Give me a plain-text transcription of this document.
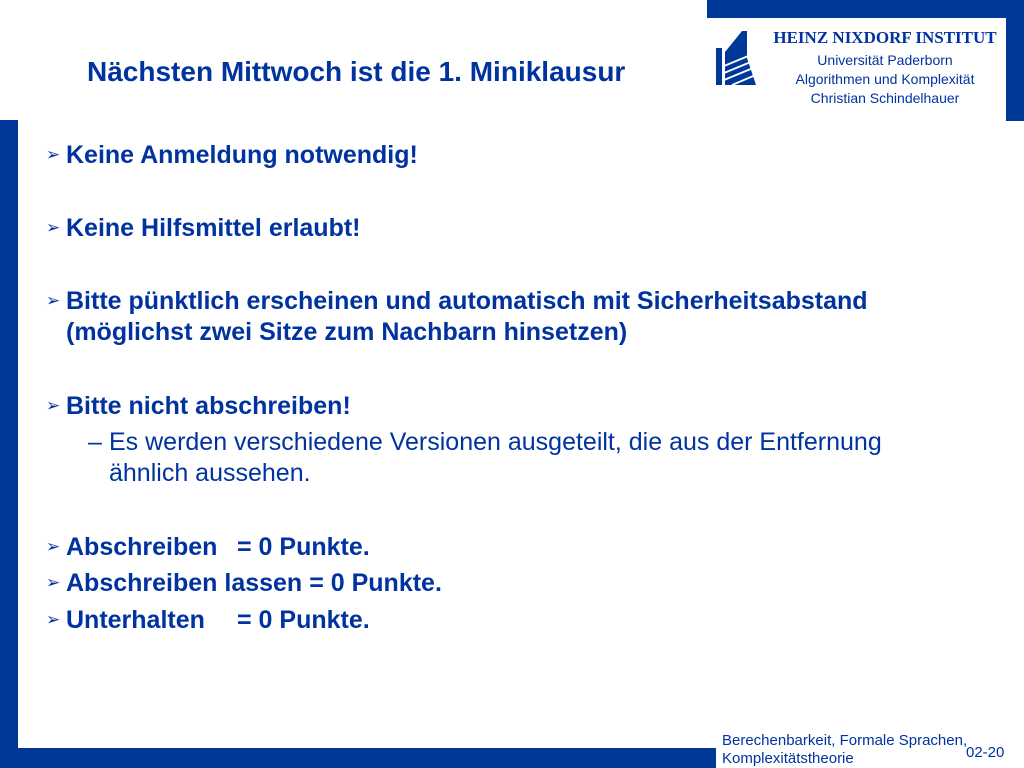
HEINZ NIXDORF INSTITUT
Universität Paderborn
Algorithmen und Komplexität
Christian Schindelhauer
Nächsten Mittwoch ist die 1. Miniklausur
➢ Keine Anmeldung notwendig!
➢ Keine Hilfsmittel erlaubt!
➢ Bitte pünktlich erscheinen und automatisch mit Sicherheitsabstand
(möglichst zwei Sitze zum Nachbarn hinsetzen)
➢ Bitte nicht abschreiben!
– Es werden verschiedene Versionen ausgeteilt, die aus der Entfernung
ähnlich aussehen.
➢ Abschreiben = 0 Punkte.
➢ Abschreiben lassen = 0 Punkte.
➢ Unterhalten = 0 Punkte.
Berechenbarkeit, Formale Sprachen,
Komplexitätstheorie	02-20
